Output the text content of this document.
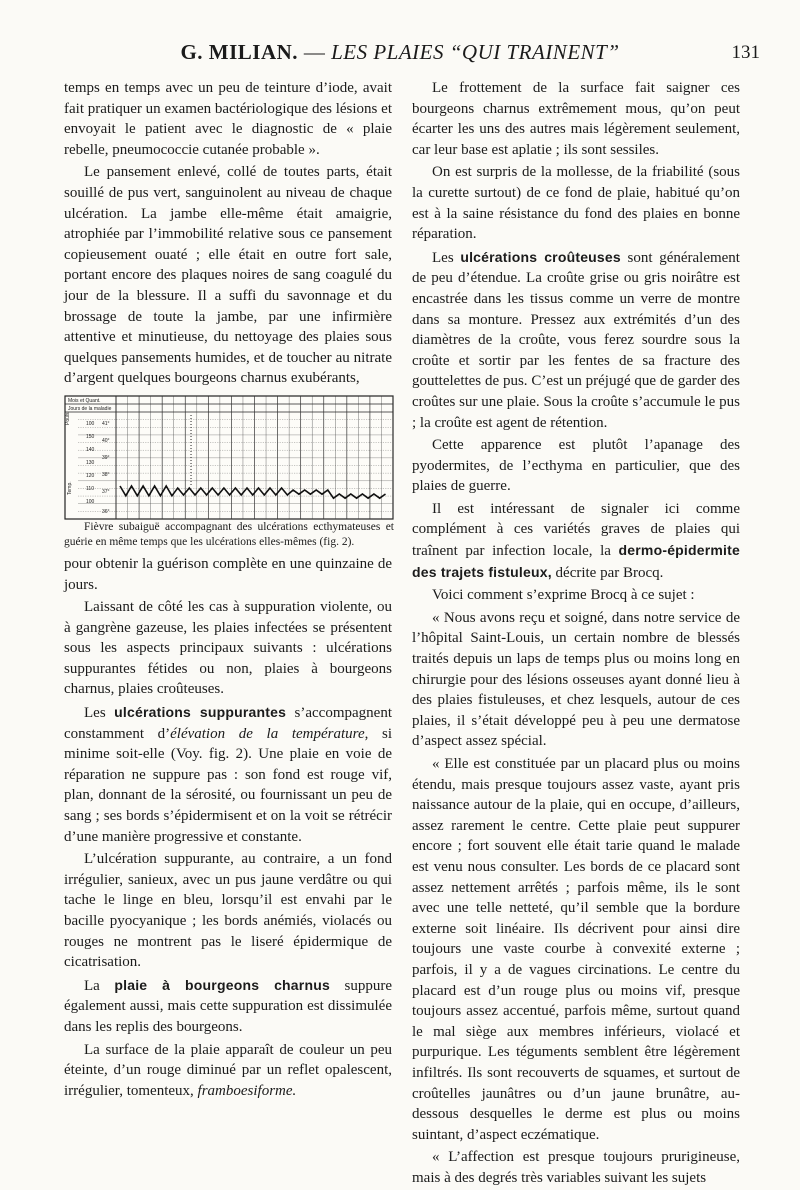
G. MILIAN. — LES PLAIES “QUI TRAINENT”	131

temps en temps avec un peu de teinture d’iode, avait fait pratiquer un examen bactériologique des lésions et envoyait le patient avec le diagnostic de « plaie rebelle, pneumococcie cutanée probable ».

Le pansement enlevé, collé de toutes parts, était souillé de pus vert, sanguinolent au niveau de chaque ulcération. La jambe elle-même était amaigrie, atrophiée par l’immobilité relative sous ce pansement copieusement ouaté ; elle était en outre fort sale, portant encore des plaques noires de sang coagulé du jour de la blessure. Il a suffi du savonnage et du brossage de toute la jambe, par une infirmière attentive et minutieuse, du nettoyage des plaies sous quelques pansements humides, et de toucher au nitrate d’argent quelques bourgeons charnus exubérants,

Mois et Quant.
Jours de la maladie
Pouls	100
150
140
130
120
110
100
Temp.
41°
40°
39°
38°
37°
36°

Fièvre subaiguë accompagnant des ulcérations ecthymateuses et guérie en même temps que les ulcérations elles-mêmes (fig. 2).

pour obtenir la guérison complète en une quinzaine de jours.

Laissant de côté les cas à suppuration violente, ou à gangrène gazeuse, les plaies infectées se présentent sous les aspects principaux suivants : ulcérations suppurantes fétides ou non, plaies à bourgeons charnus, plaies croûteuses.

Les ulcérations suppurantes s’accompagnent constamment d’élévation de la température, si minime soit-elle (Voy. fig. 2). Une plaie en voie de réparation ne suppure pas : son fond est rouge vif, plan, donnant de la sérosité, ou fournissant un peu de sang ; ses bords s’épidermisent et on la voit se rétrécir d’une manière progressive et constante.

L’ulcération suppurante, au contraire, a un fond irrégulier, sanieux, avec un pus jaune verdâtre ou qui tache le linge en bleu, lorsqu’il est envahi par le bacille pyocyanique ; les bords anémiés, violacés ou rouges ne montrent pas le liseré épidermique de cicatrisation.

La plaie à bourgeons charnus suppure également aussi, mais cette suppuration est dissimulée dans les replis des bourgeons.

La surface de la plaie apparaît de couleur un peu éteinte, d’un rouge diminué par un reflet opalescent, irrégulier, tomenteux, framboesiforme.

Le frottement de la surface fait saigner ces bourgeons charnus extrêmement mous, qu’on peut écarter les uns des autres mais légèrement seulement, car leur base est aplatie ; ils sont sessiles.

On est surpris de la mollesse, de la friabilité (sous la curette surtout) de ce fond de plaie, habitué qu’on est à la saine résistance du fond des plaies en bonne réparation.

Les ulcérations croûteuses sont généralement de peu d’étendue. La croûte grise ou gris noirâtre est encastrée dans les tissus comme un verre de montre dans sa monture. Pressez aux extrémités d’un des diamètres de la croûte, vous ferez sourdre sous la croûte et sortir par les fentes de sa fracture des gouttelettes de pus. C’est un préjugé que de garder des croûtes sur une plaie. Sous la croûte s’accumule le pus ; la croûte est agent de rétention.

Cette apparence est plutôt l’apanage des pyodermites, de l’ecthyma en particulier, que des plaies de guerre.

Il est intéressant de signaler ici comme complément à ces variétés graves de plaies qui traînent par infection locale, la dermo-épidermite des trajets fistuleux, décrite par Brocq.

Voici comment s’exprime Brocq à ce sujet :

« Nous avons reçu et soigné, dans notre service de l’hôpital Saint-Louis, un certain nombre de blessés traités depuis un laps de temps plus ou moins long en chirurgie pour des lésions osseuses ayant donné lieu à des plaies fistuleuses, et chez lesquels, autour de ces plaies, il s’était développé peu à peu une dermatose d’aspect assez spécial.

« Elle est constituée par un placard plus ou moins étendu, mais presque toujours assez vaste, ayant pris naissance autour de la plaie, qui en occupe, d’ailleurs, assez rarement le centre. Cette plaie peut suppurer encore ; fort souvent elle était tarie quand le malade est venu nous consulter. Les bords de ce placard sont assez nettement arrêtés ; parfois même, ils le sont avec une telle netteté, qu’il semble que la bordure externe soit linéaire. Ils décrivent pour ainsi dire toujours une vaste courbe à convexité externe ; parfois, il y a de vagues circinations. Le centre du placard est d’un rouge plus ou moins vif, presque toujours assez accentué, parfois même, surtout quand le mal siège aux membres inférieurs, violacé et purpurique. Les téguments semblent être légèrement infiltrés. Ils sont recouverts de squames, et surtout de croûtelles jaunâtres ou d’un jaune brunâtre, au-dessous desquelles le derme est plus ou moins suintant, d’aspect eczématique.

« L’affection est presque toujours prurigineuse, mais à des degrés très variables suivant les sujets
